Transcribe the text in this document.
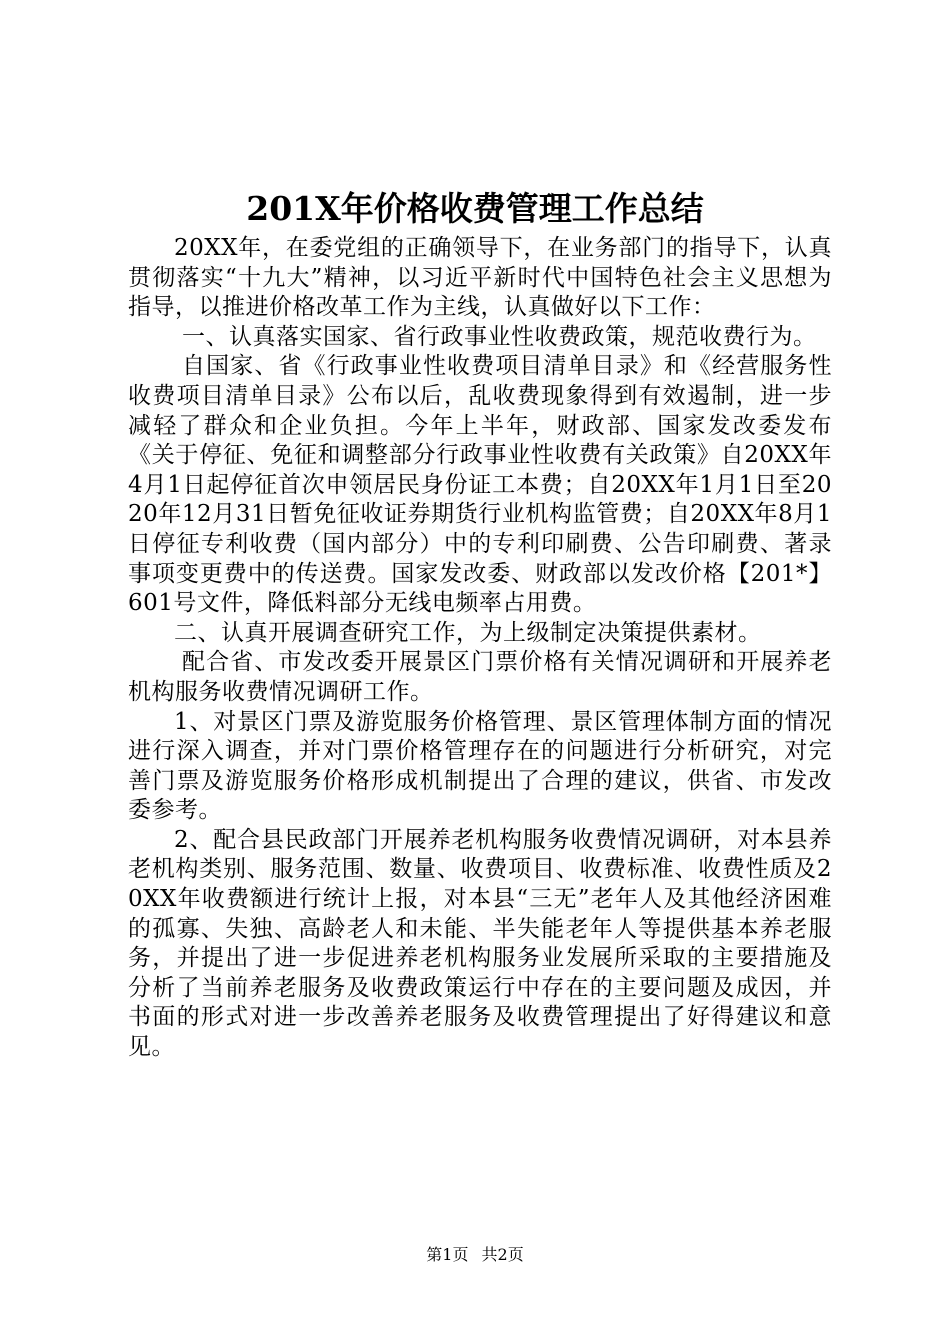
201X年价格收费管理工作总结

20XX年，在委党组的正确领导下，在业务部门的指导下，认真贯彻落实“十九大”精神，以习近平新时代中国特色社会主义思想为指导，以推进价格改革工作为主线，认真做好以下工作：

一、认真落实国家、省行政事业性收费政策，规范收费行为。

自国家、省《行政事业性收费项目清单目录》和《经营服务性收费项目清单目录》公布以后，乱收费现象得到有效遏制，进一步减轻了群众和企业负担。今年上半年，财政部、国家发改委发布《关于停征、免征和调整部分行政事业性收费有关政策》自20XX年4月1日起停征首次申领居民身份证工本费；自20XX年1月1日至2020年12月31日暂免征收证券期货行业机构监管费；自20XX年8月1日停征专利收费（国内部分）中的专利印刷费、公告印刷费、著录事项变更费中的传送费。国家发改委、财政部以发改价格【201*】601号文件，降低料部分无线电频率占用费。

二、认真开展调查研究工作，为上级制定决策提供素材。

配合省、市发改委开展景区门票价格有关情况调研和开展养老机构服务收费情况调研工作。

1、对景区门票及游览服务价格管理、景区管理体制方面的情况进行深入调查，并对门票价格管理存在的问题进行分析研究，对完善门票及游览服务价格形成机制提出了合理的建议，供省、市发改委参考。

2、配合县民政部门开展养老机构服务收费情况调研，对本县养老机构类别、服务范围、数量、收费项目、收费标准、收费性质及20XX年收费额进行统计上报，对本县“三无”老年人及其他经济困难的孤寡、失独、高龄老人和未能、半失能老年人等提供基本养老服务，并提出了进一步促进养老机构服务业发展所采取的主要措施及分析了当前养老服务及收费政策运行中存在的主要问题及成因，并书面的形式对进一步改善养老服务及收费管理提出了好得建议和意见。

第1页 共2页
